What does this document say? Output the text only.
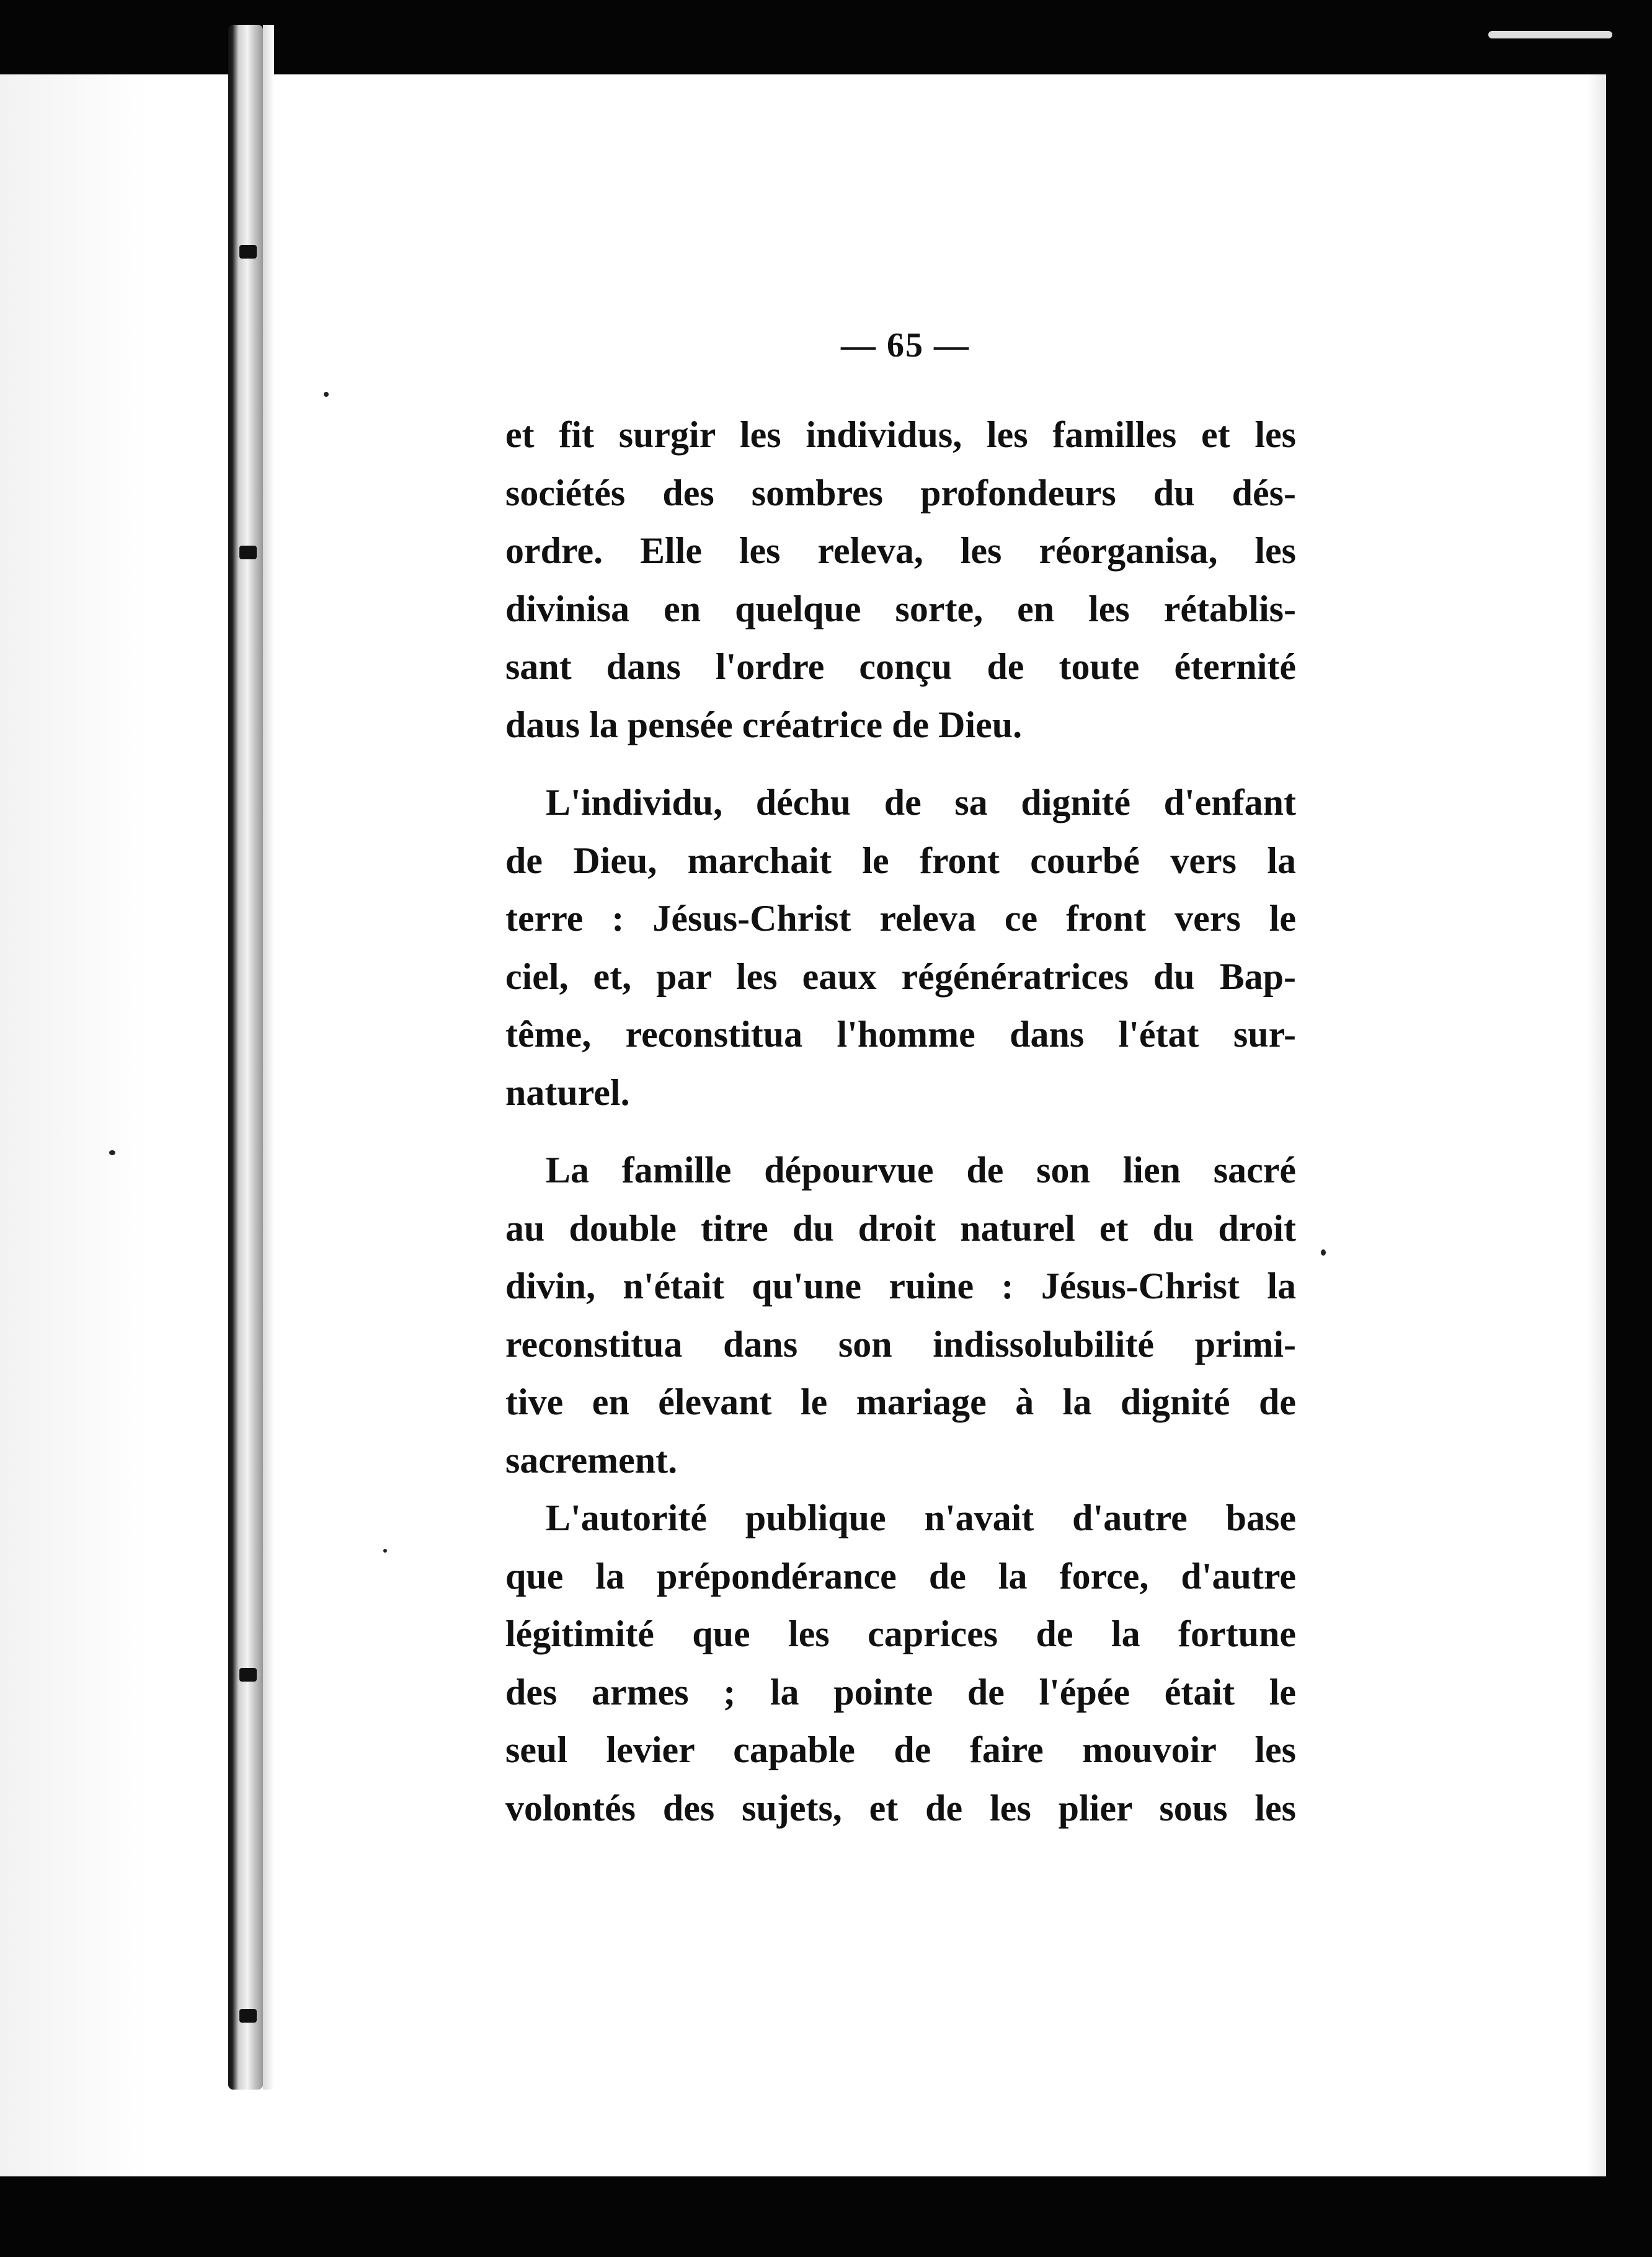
— 65 —
et fit surgir les individus, les familles et les
sociétés des sombres profondeurs du dés-
ordre. Elle les releva, les réorganisa, les
divinisa en quelque sorte, en les rétablis-
sant dans l'ordre conçu de toute éternité
daus la pensée créatrice de Dieu.
L'individu, déchu de sa dignité d'enfant
de Dieu, marchait le front courbé vers la
terre : Jésus-Christ releva ce front vers le
ciel, et, par les eaux régénératrices du Bap-
tême, reconstitua l'homme dans l'état sur-
naturel.
La famille dépourvue de son lien sacré
au double titre du droit naturel et du droit
divin, n'était qu'une ruine : Jésus-Christ la
reconstitua dans son indissolubilité primi-
tive en élevant le mariage à la dignité de
sacrement.
L'autorité publique n'avait d'autre base
que la prépondérance de la force, d'autre
légitimité que les caprices de la fortune
des armes ; la pointe de l'épée était le
seul levier capable de faire mouvoir les
volontés des sujets, et de les plier sous les
